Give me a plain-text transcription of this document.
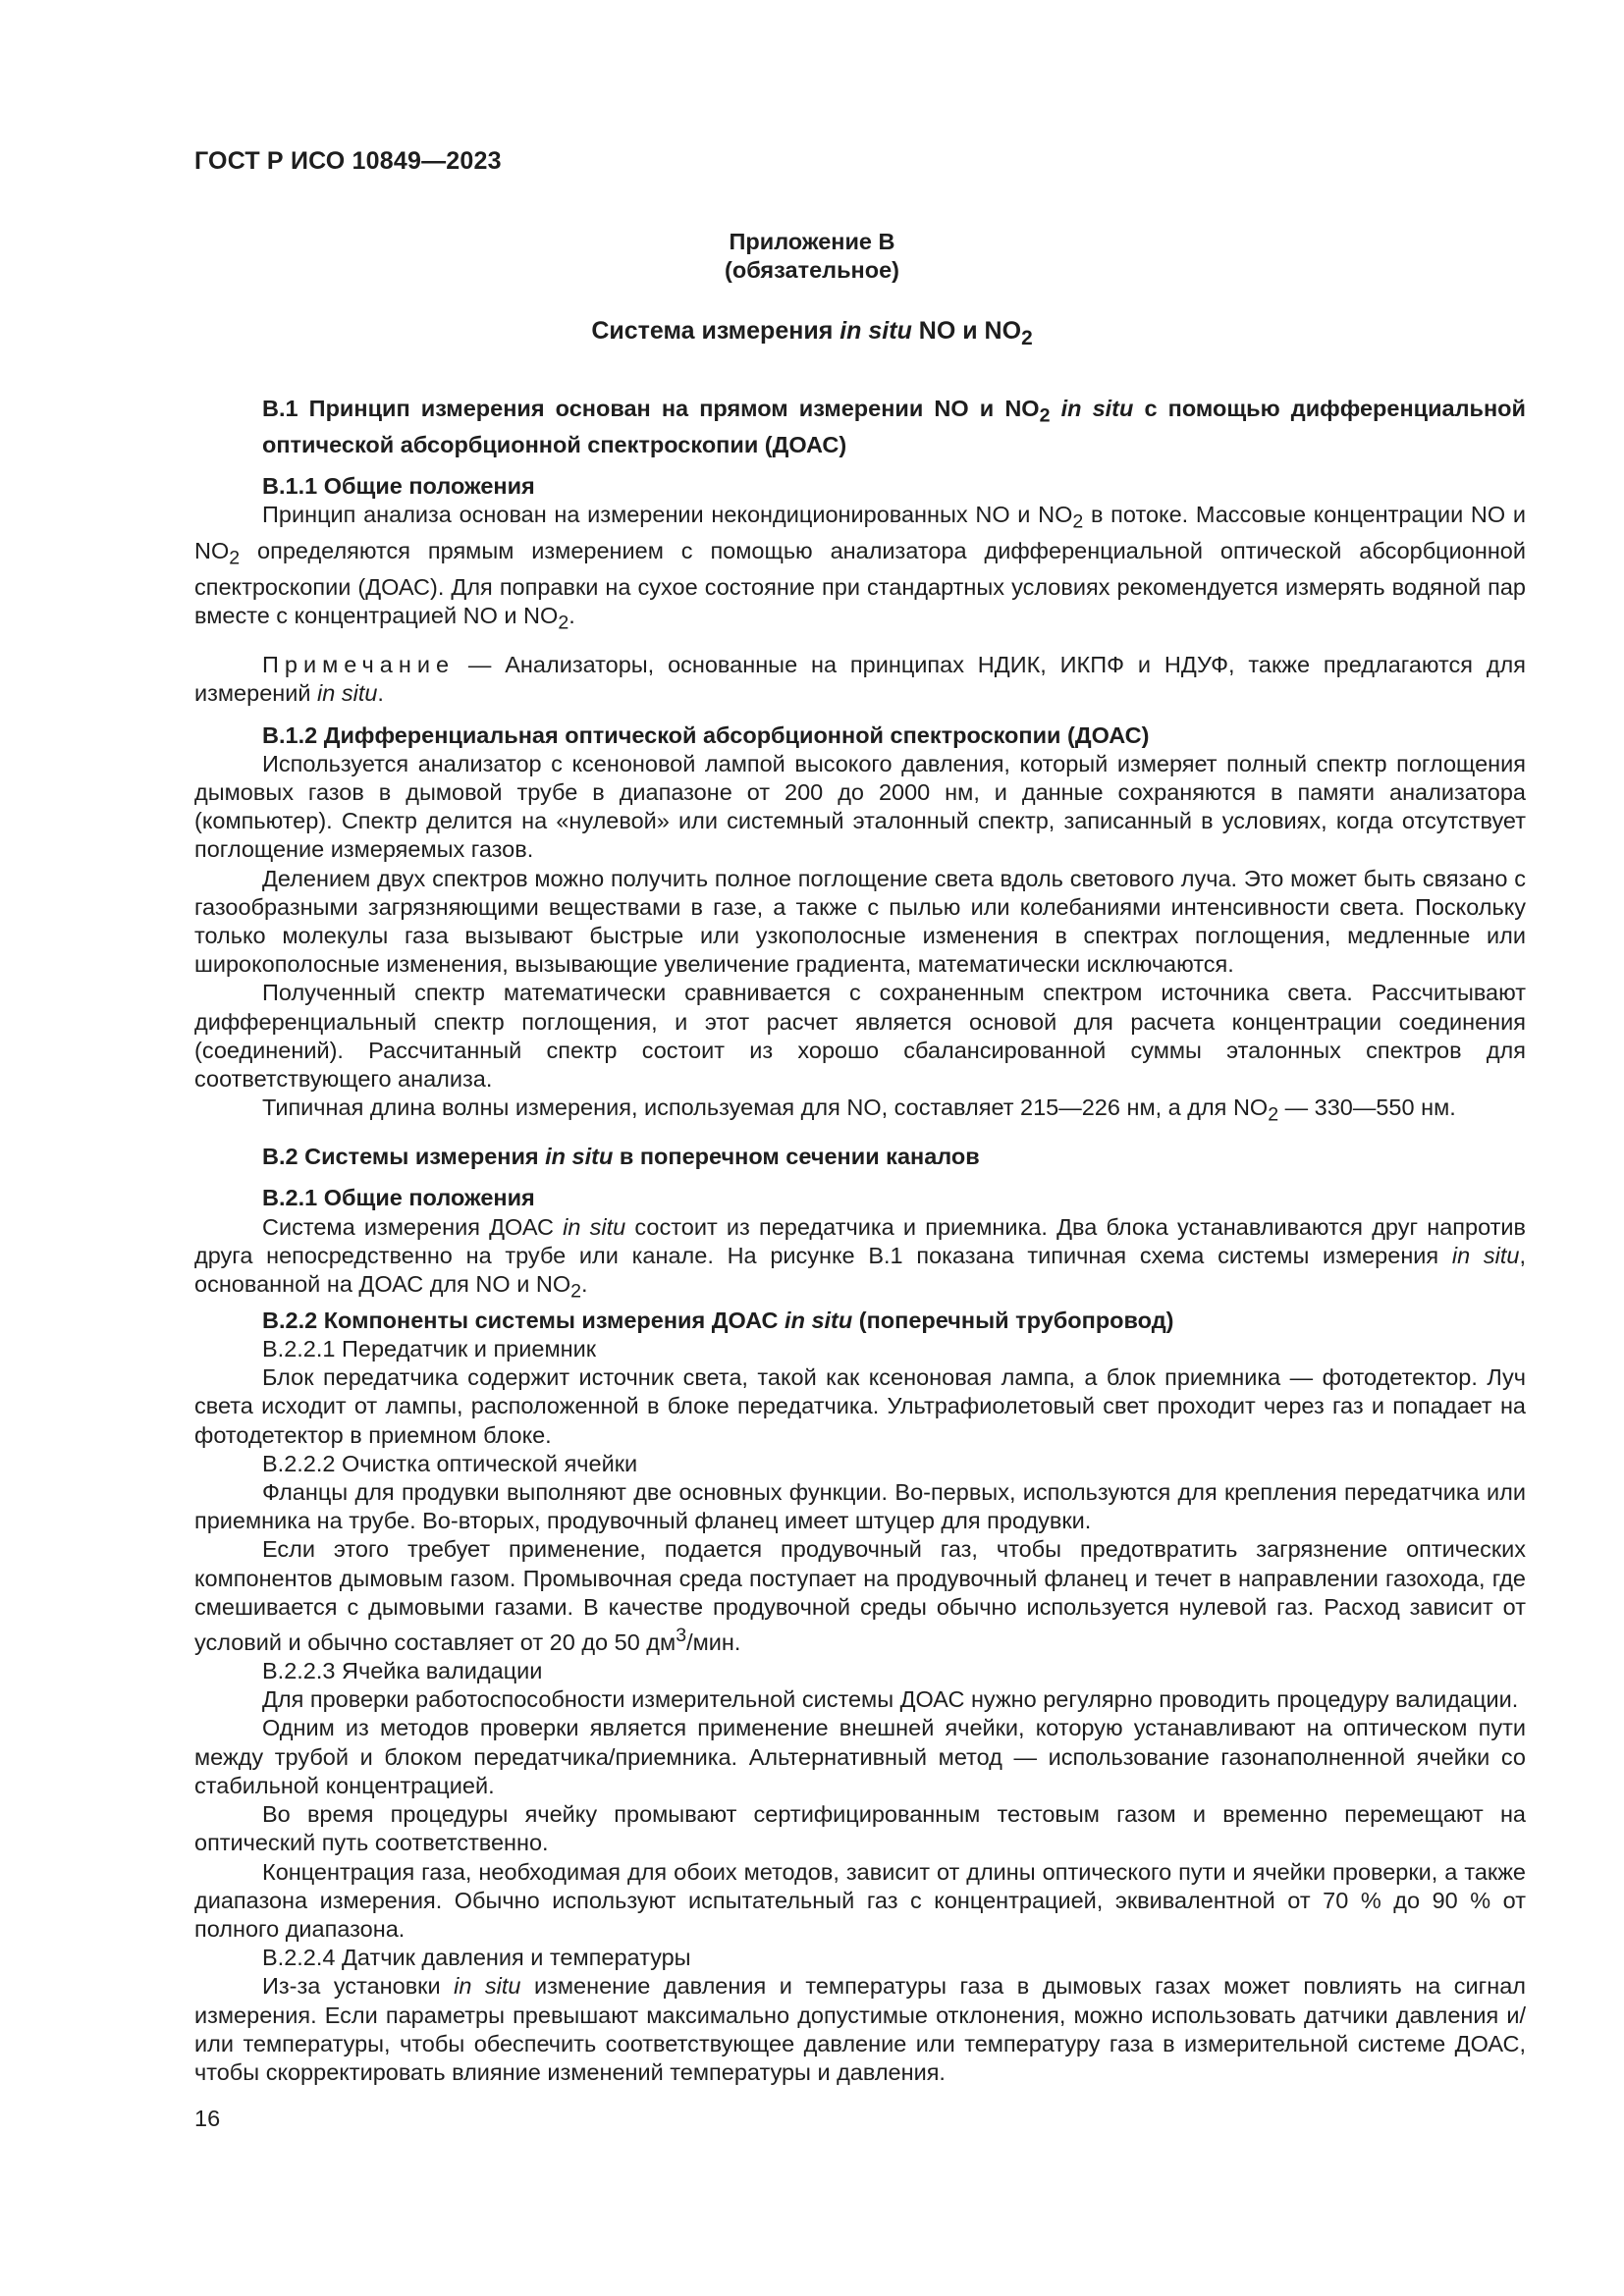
ГОСТ Р ИСО 10849—2023
Приложение В
(обязательное)
Система измерения in situ NO и $NO_2$
В.1 Принцип измерения основан на прямом измерении NO и $NO_2$ in situ с помощью дифференциальной оптической абсорбционной спектроскопии (ДОАС)
В.1.1 Общие положения

Принцип анализа основан на измерении некондиционированных NO и $NO_2$ в потоке. Массовые концентрации NO и $NO_2$ определяются прямым измерением с помощью анализатора дифференциальной оптической абсорбционной спектроскопии (ДОАС). Для поправки на сухое состояние при стандартных условиях рекомендуется измерять водяной пар вместе с концентрацией NO и $NO_2$.

Примечание — Анализаторы, основанные на принципах НДИК, ИКПФ и НДУФ, также предлагаются для измерений in situ.

В.1.2 Дифференциальная оптической абсорбционной спектроскопии (ДОАС)

Используется анализатор с ксеноновой лампой высокого давления, который измеряет полный спектр поглощения дымовых газов в дымовой трубе в диапазоне от 200 до 2000 нм, и данные сохраняются в памяти анализатора (компьютер). Спектр делится на «нулевой» или системный эталонный спектр, записанный в условиях, когда отсутствует поглощение измеряемых газов.

Делением двух спектров можно получить полное поглощение света вдоль светового луча. Это может быть связано с газообразными загрязняющими веществами в газе, а также с пылью или колебаниями интенсивности света. Поскольку только молекулы газа вызывают быстрые или узкополосные изменения в спектрах поглощения, медленные или широкополосные изменения, вызывающие увеличение градиента, математически исключаются.

Полученный спектр математически сравнивается с сохраненным спектром источника света. Рассчитывают дифференциальный спектр поглощения, и этот расчет является основой для расчета концентрации соединения (соединений). Рассчитанный спектр состоит из хорошо сбалансированной суммы эталонных спектров для соответствующего анализа.

Типичная длина волны измерения, используемая для NO, составляет 215—226 нм, а для $NO_2$ — 330—550 нм.

В.2 Системы измерения in situ в поперечном сечении каналов
В.2.1 Общие положения

Система измерения ДОАС in situ состоит из передатчика и приемника. Два блока устанавливаются друг напротив друга непосредственно на трубе или канале. На рисунке В.1 показана типичная схема системы измерения in situ, основанной на ДОАС для NO и $NO_2$.

В.2.2 Компоненты системы измерения ДОАС in situ (поперечный трубопровод)
В.2.2.1 Передатчик и приемник

Блок передатчика содержит источник света, такой как ксеноновая лампа, а блок приемника — фотодетектор. Луч света исходит от лампы, расположенной в блоке передатчика. Ультрафиолетовый свет проходит через газ и попадает на фотодетектор в приемном блоке.

В.2.2.2 Очистка оптической ячейки

Фланцы для продувки выполняют две основных функции. Во-первых, используются для крепления передатчика или приемника на трубе. Во-вторых, продувочный фланец имеет штуцер для продувки.

Если этого требует применение, подается продувочный газ, чтобы предотвратить загрязнение оптических компонентов дымовым газом. Промывочная среда поступает на продувочный фланец и течет в направлении газохода, где смешивается с дымовыми газами. В качестве продувочной среды обычно используется нулевой газ. Расход зависит от условий и обычно составляет от 20 до 50 $дм^3$/мин.

В.2.2.3 Ячейка валидации

Для проверки работоспособности измерительной системы ДОАС нужно регулярно проводить процедуру валидации.

Одним из методов проверки является применение внешней ячейки, которую устанавливают на оптическом пути между трубой и блоком передатчика/приемника. Альтернативный метод — использование газонаполненной ячейки со стабильной концентрацией.

Во время процедуры ячейку промывают сертифицированным тестовым газом и временно перемещают на оптический путь соответственно.

Концентрация газа, необходимая для обоих методов, зависит от длины оптического пути и ячейки проверки, а также диапазона измерения. Обычно используют испытательный газ с концентрацией, эквивалентной от 70 % до 90 % от полного диапазона.

В.2.2.4 Датчик давления и температуры

Из-за установки in situ изменение давления и температуры газа в дымовых газах может повлиять на сигнал измерения. Если параметры превышают максимально допустимые отклонения, можно использовать датчики давления и/или температуры, чтобы обеспечить соответствующее давление или температуру газа в измерительной системе ДОАС, чтобы скорректировать влияние изменений температуры и давления.

16
